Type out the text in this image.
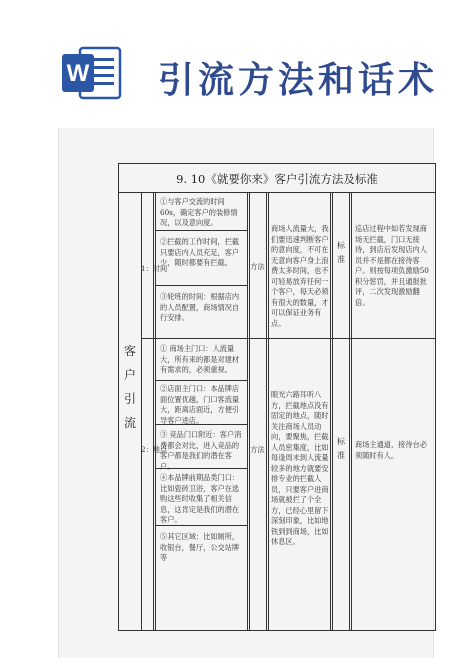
W 引流方法和话术
9. 10《就要你来》客户引流方法及标准
客
户
引
流
1：时间
①与客户交流的时间 60s，确定客户的装修情况，以及意向度。
②拦截的工作时间，拦截只要店内人员充足，客户少，随时都要有拦截。
③轮班的时间：根据店内的人员配置，商场情况自行安排。
方法
商场人流量大，我们要迅速判断客户的意向度，不可在无意向客户身上浪费太多时间，也不可轻易放弃任何一个客户，每天必须有很大的数量，才可以保证业务有点。
标
准
巡店过程中如若发现商场无拦截，门口无接待，到店后发现店内人员并不是都在接待客户。则按每项负激励50 积分惩罚，并且通报批评，二次发现激励翻倍。
2：地点
① 商场主门口：人流量大，所有来的都是对建材有需求的，必须重视。
②店面主门口：本品牌店面位置优越，门口客流量大，距离店面近，方便引导客户进店。
③ 竞品门口附近：客户消费都会对比，进入竞品的客户都是我们的潜在客户。
④本品牌前期品类门口：比如瓷砖卫浴，客户在选购这些时收集了相关信息，这肯定是我们的潜在客户。
⑤其它区域：比如厕所，收银台，餐厅，公交站牌等
方法
眼光六路耳听八方，拦截地点没有固定的地点，随时关注商场人员动向，要聚焦，拦截人员密集度，比如每逢周末到人流量较多的地方就要安排专业的拦截人员，只要客户进商场就被拦了个全方，已经心里留下深刻印象，比如地铁到到商场，比如休息区。
标
准
商场主通道，接待台必须随时有人。
